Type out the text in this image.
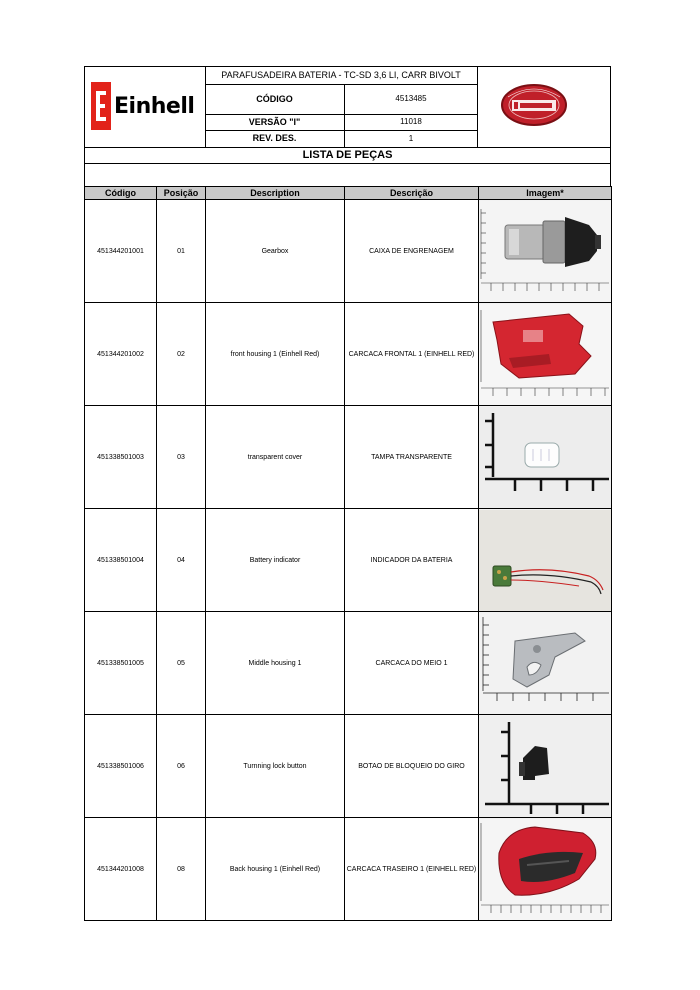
Einhell
PARAFUSADEIRA BATERIA - TC-SD 3,6 LI, CARR BIVOLT
CÓDIGO	4513485
VERSÃO "I"	11018
REV. DES.	1
LISTA DE PEÇAS
Código	Posição	Description	Descrição	Imagem*
451344201001	01	Gearbox	CAIXA DE ENGRENAGEM	

451344201002	02	front housing 1 (Einhell Red)	CARCACA FRONTAL 1 (EINHELL RED)	

451338501003	03	transparent cover	TAMPA TRANSPARENTE	

451338501004	04	Battery indicator	INDICADOR DA BATERIA	

451338501005	05	Middle housing 1	CARCACA DO MEIO 1	

451338501006	06	Turnning lock button	BOTAO DE BLOQUEIO DO GIRO	

451344201008	08	Back housing 1 (Einhell Red)	CARCACA TRASEIRO 1 (EINHELL RED)	
